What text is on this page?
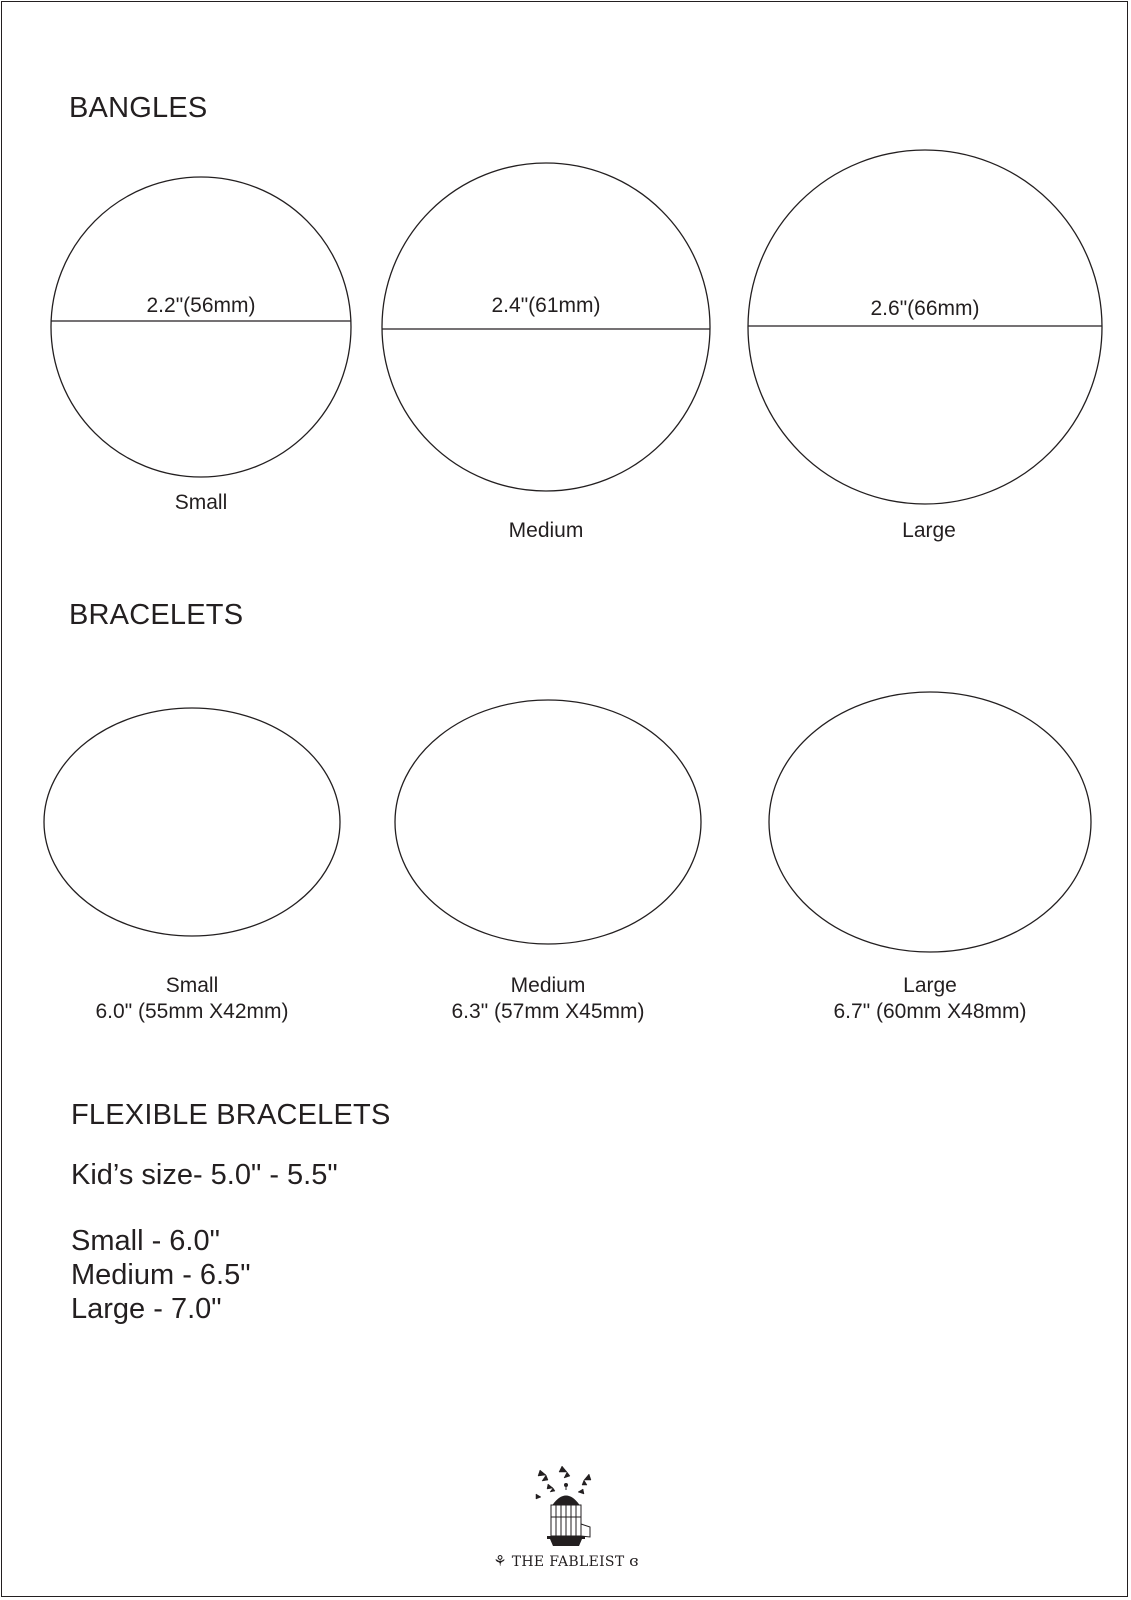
BANGLES
BRACELETS
FLEXIBLE BRACELETS
2.2"(56mm)	2.4"(61mm)	2.6"(66mm)
Small
Medium	Large
Small
6.0" (55mm X42mm)
Medium
6.3" (57mm X45mm)
Large
6.7" (60mm X48mm)
Kid’s size- 5.0" - 5.5"
Small - 6.0"
Medium - 6.5"
Large - 7.0"
⚘ THE FABLEIST ɞ
